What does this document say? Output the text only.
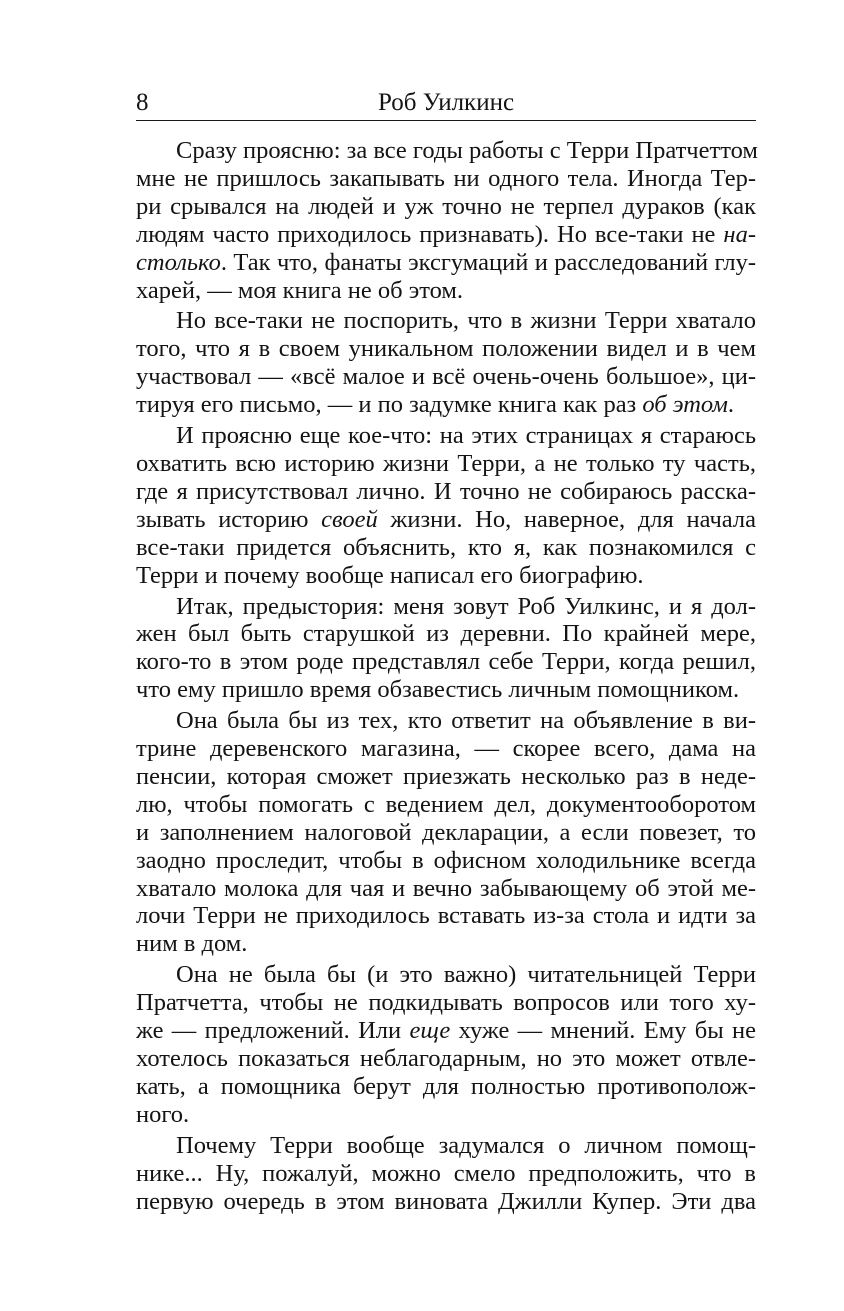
8	Роб Уилкинс

Сразу проясню: за все годы работы с Терри Пратчеттом
мне не пришлось закапывать ни одного тела. Иногда Тер-
ри срывался на людей и уж точно не терпел дураков (как
людям часто приходилось признавать). Но все-таки не на-
столько. Так что, фанаты эксгумаций и расследований глу-
харей, — моя книга не об этом.

Но все-таки не поспорить, что в жизни Терри хватало
того, что я в своем уникальном положении видел и в чем
участвовал — «всё малое и всё очень-очень большое», ци-
тируя его письмо, — и по задумке книга как раз об этом.

И проясню еще кое-что: на этих страницах я стараюсь
охватить всю историю жизни Терри, а не только ту часть,
где я присутствовал лично. И точно не собираюсь расска-
зывать историю своей жизни. Но, наверное, для начала
все-таки придется объяснить, кто я, как познакомился с
Терри и почему вообще написал его биографию.

Итак, предыстория: меня зовут Роб Уилкинс, и я дол-
жен был быть старушкой из деревни. По крайней мере,
кого-то в этом роде представлял себе Терри, когда решил,
что ему пришло время обзавестись личным помощником.

Она была бы из тех, кто ответит на объявление в ви-
трине деревенского магазина, — скорее всего, дама на
пенсии, которая сможет приезжать несколько раз в неде-
лю, чтобы помогать с ведением дел, документооборотом
и заполнением налоговой декларации, а если повезет, то
заодно проследит, чтобы в офисном холодильнике всегда
хватало молока для чая и вечно забывающему об этой ме-
лочи Терри не приходилось вставать из-за стола и идти за
ним в дом.

Она не была бы (и это важно) читательницей Терри
Пратчетта, чтобы не подкидывать вопросов или того ху-
же — предложений. Или еще хуже — мнений. Ему бы не
хотелось показаться неблагодарным, но это может отвле-
кать, а помощника берут для полностью противополож-
ного.

Почему Терри вообще задумался о личном помощ-
нике... Ну, пожалуй, можно смело предположить, что в
первую очередь в этом виновата Джилли Купер. Эти два
